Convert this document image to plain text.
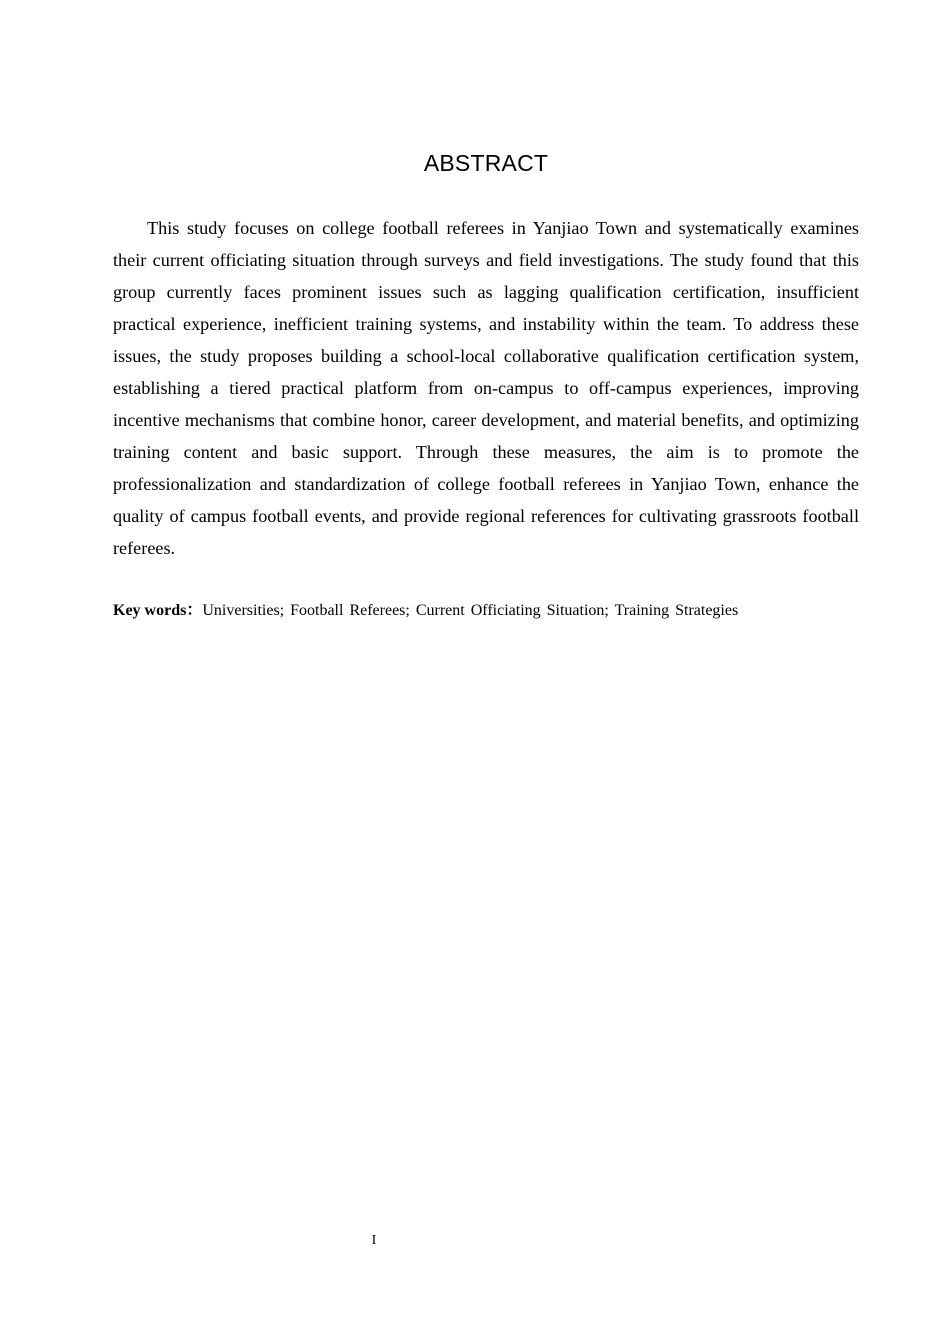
ABSTRACT

This study focuses on college football referees in Yanjiao Town and systematically examines their current officiating situation through surveys and field investigations. The study found that this group currently faces prominent issues such as lagging qualification certification, insufficient practical experience, inefficient training systems, and instability within the team. To address these issues, the study proposes building a school-local collaborative qualification certification system, establishing a tiered practical platform from on-campus to off-campus experiences, improving incentive mechanisms that combine honor, career development, and material benefits, and optimizing training content and basic support. Through these measures, the aim is to promote the professionalization and standardization of college football referees in Yanjiao Town, enhance the quality of campus football events, and provide regional references for cultivating grassroots football referees.

Key words：Universities; Football Referees; Current Officiating Situation; Training Strategies
I
